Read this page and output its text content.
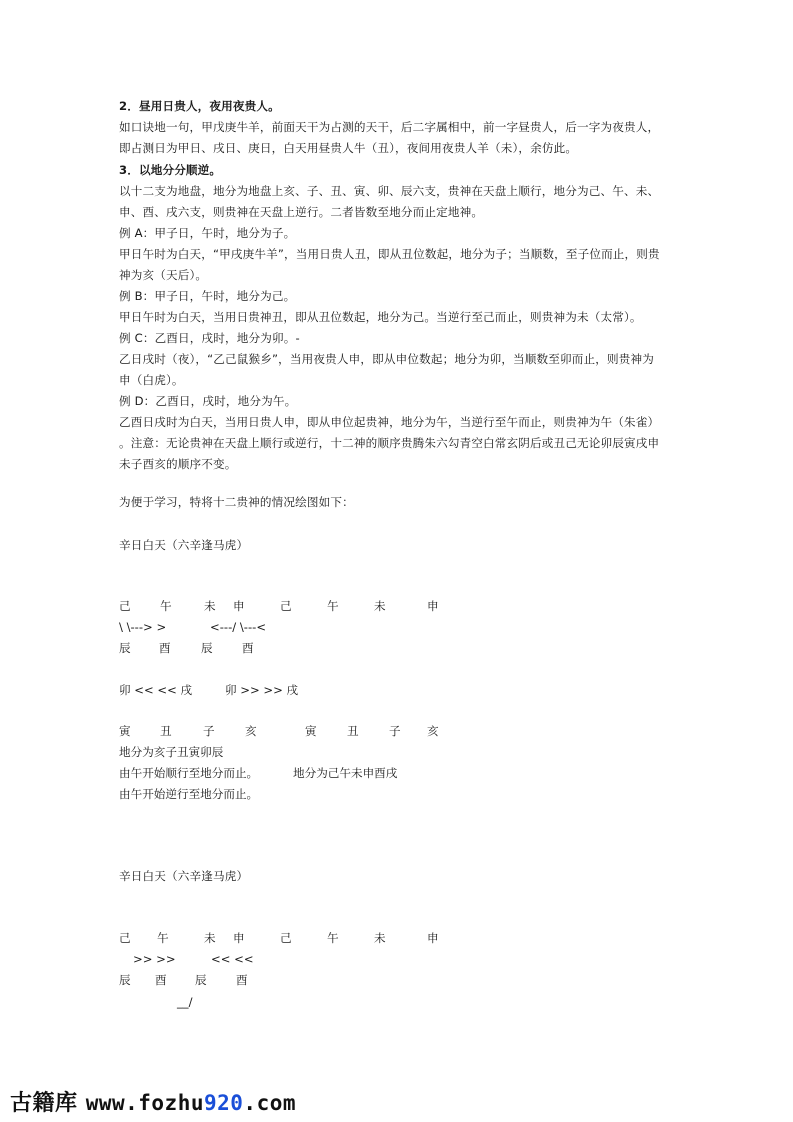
2．昼用日贵人，夜用夜贵人。
如口诀地一句，甲戊庚牛羊，前面天干为占测的天干，后二字属相中，前一字昼贵人，后一字为夜贵人，
即占测日为甲日、戌日、庚日，白天用昼贵人牛（丑），夜间用夜贵人羊（未），余仿此。
3．以地分分顺逆。
以十二支为地盘，地分为地盘上亥、子、丑、寅、卯、辰六支，贵神在天盘上顺行，地分为己、午、未、
申、酉、戌六支，则贵神在天盘上逆行。二者皆数至地分而止定地神。
例 A：甲子日，午时，地分为子。
甲日午时为白天，“甲戌庚牛羊”，当用日贵人丑，即从丑位数起，地分为子；当顺数，至子位而止，则贵
神为亥（天后）。
例 B：甲子日，午时，地分为己。
甲日午时为白天，当用日贵神丑，即从丑位数起，地分为己。当逆行至己而止，则贵神为未（太常）。
例 C：乙酉日，戌时，地分为卯。-
乙日戌时（夜），“乙己鼠猴乡”，当用夜贵人申，即从申位数起；地分为卯，当顺数至卯而止，则贵神为
申（白虎）。
例 D：乙酉日，戌时，地分为午。
乙酉日戌时为白天，当用日贵人申，即从申位起贵神，地分为午，当逆行至午而止，则贵神为午（朱雀）
。注意：无论贵神在天盘上顺行或逆行，十二神的顺序贵腾朱六勾青空白常玄阴后或丑己无论卯辰寅戌申
未子酉亥的顺序不变。
为便于学习，特将十二贵神的情况绘图如下：
辛日白天（六辛逢马虎）
己	午	未 申	己	午	未	申
\ \---> >	<---/ \---<
辰 酉	辰	酉
卯 << << 戌	卯 >> >> 戌
寅	丑	子	亥	寅	丑	子 亥
地分为亥子丑寅卯辰
由午开始顺行至地分而止。	地分为己午未申酉戌
由午开始逆行至地分而止。
辛日白天（六辛逢马虎）
己 午	未 申	己	午	未	申
>> >>	<< <<
辰 酉 辰	酉
__/
古籍库 www.fozhu920.com
